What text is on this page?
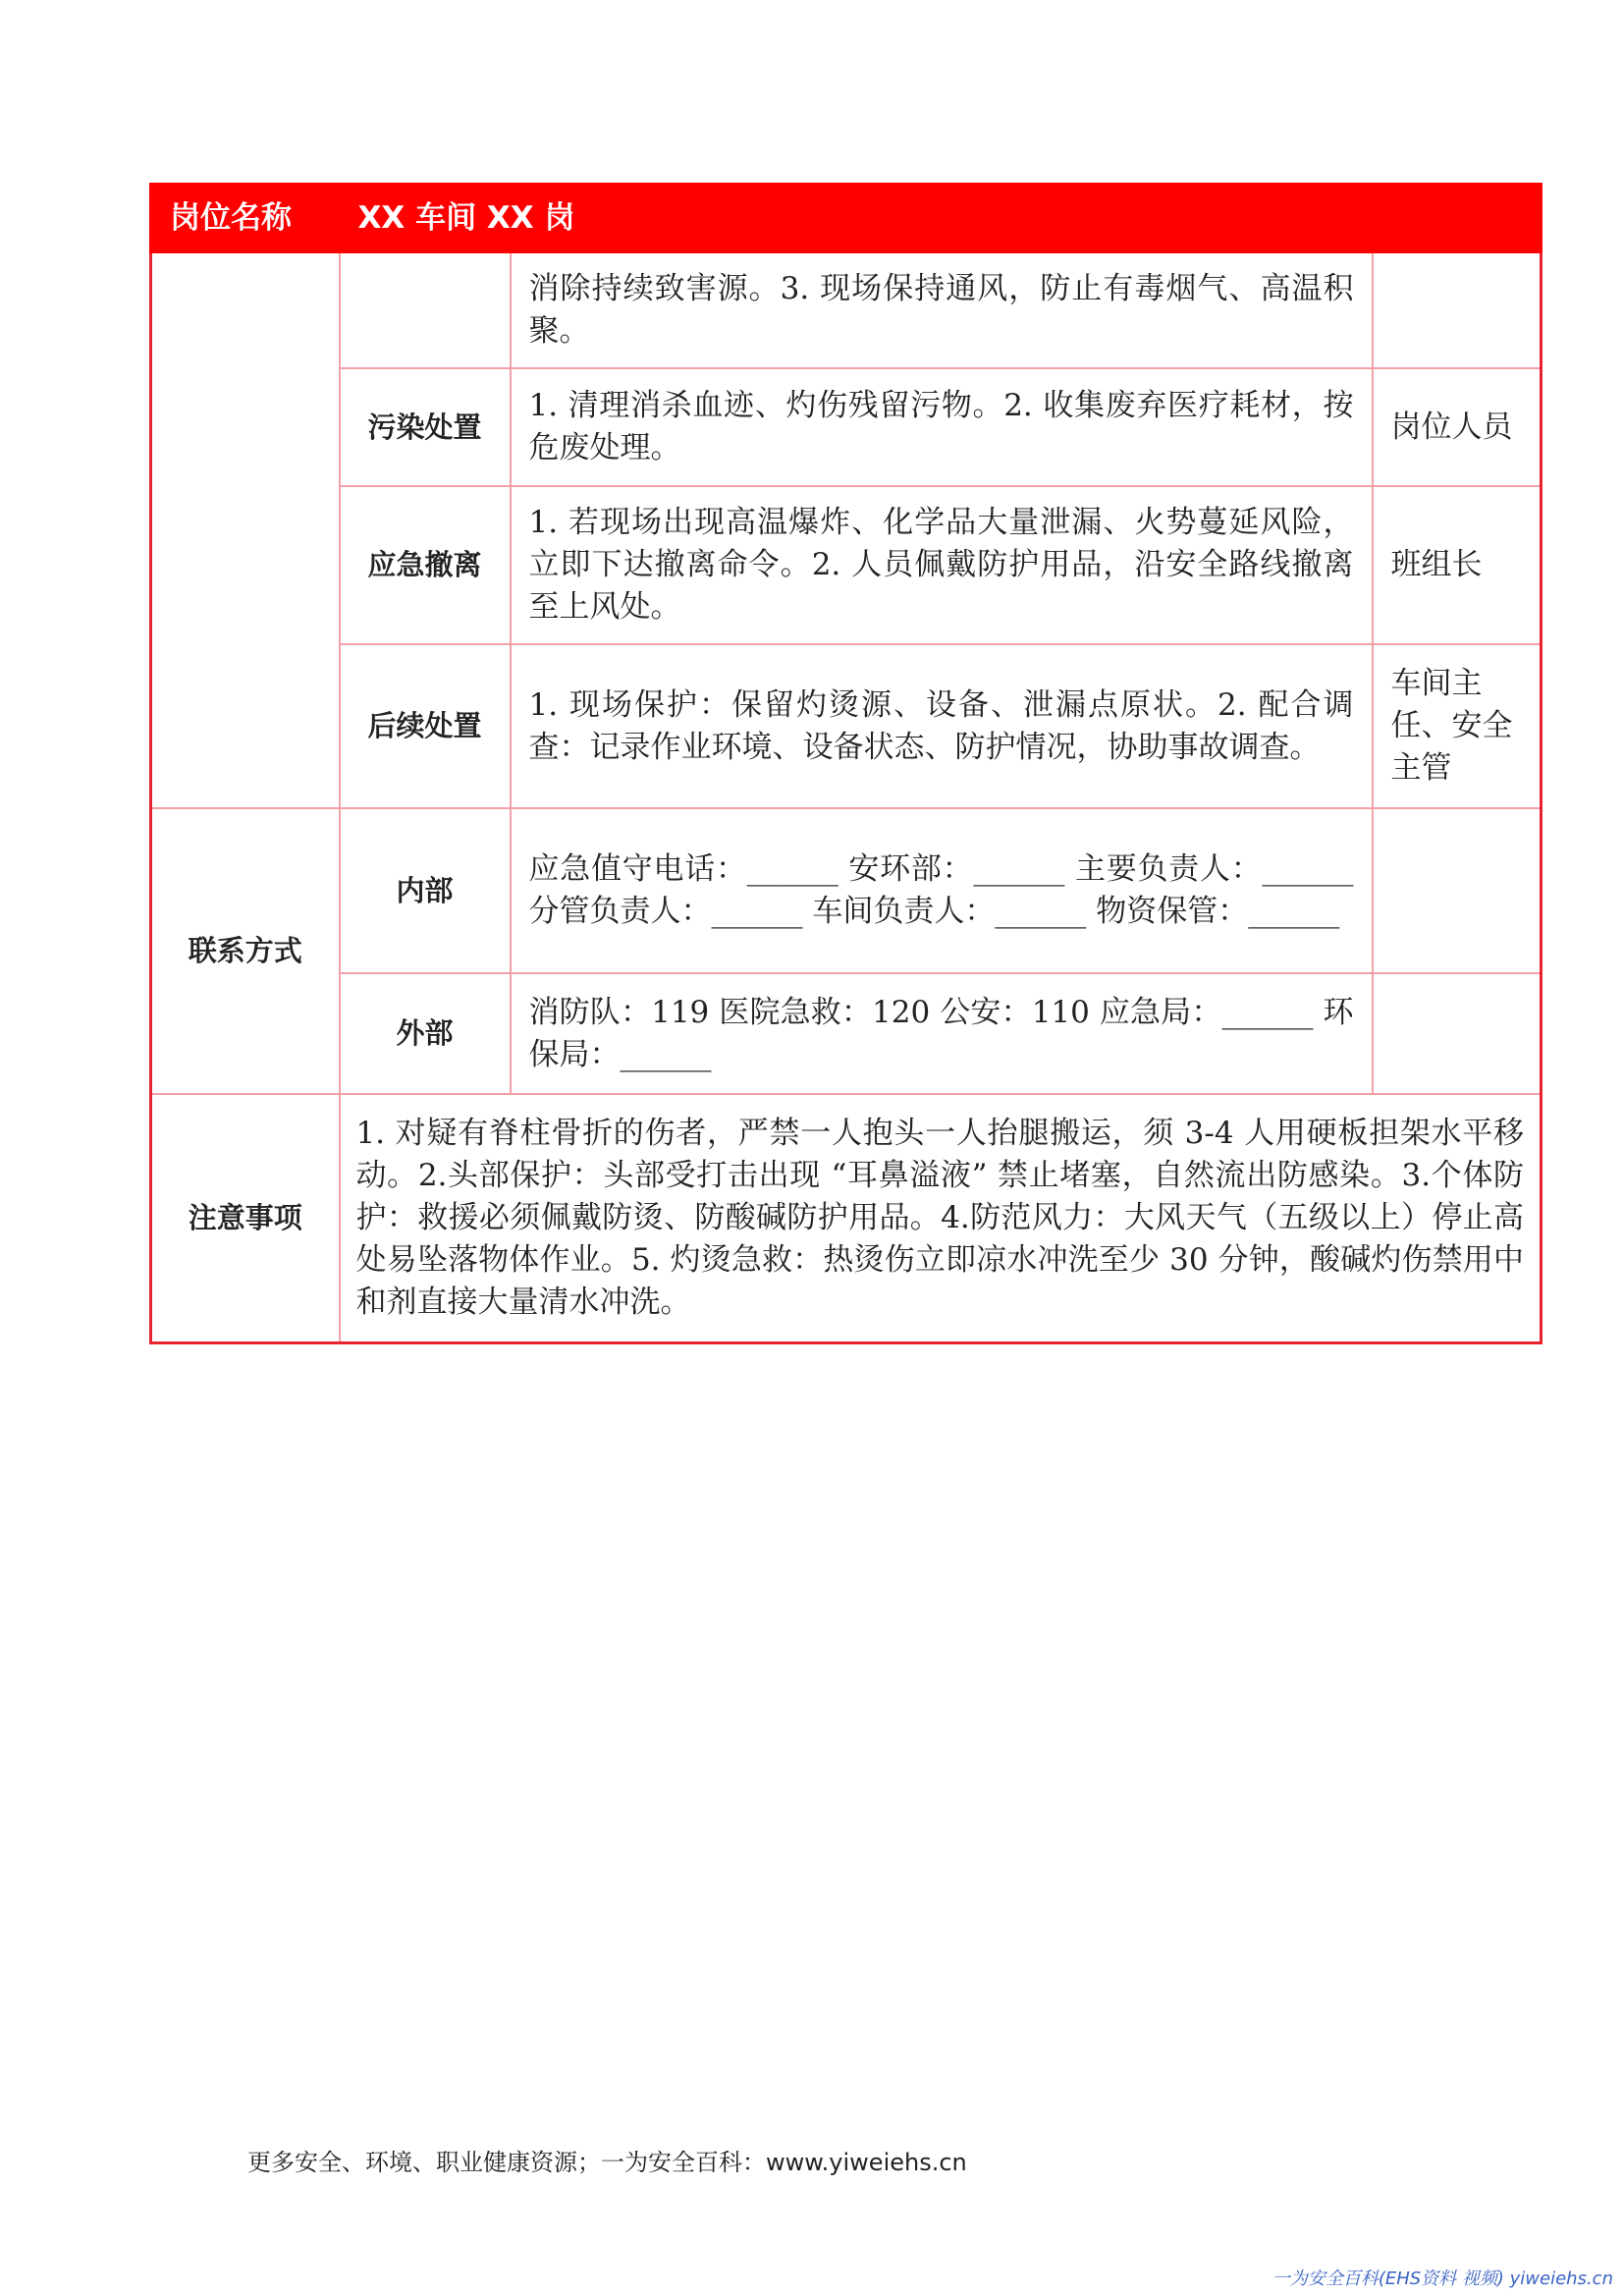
岗位名称	XX 车间 XX 岗		
		消除持续致害源。3. 现场保持通风，防止有毒烟气、高温积聚。	
	污染处置	1. 清理消杀血迹、灼伤残留污物。2. 收集废弃医疗耗材，按危废处理。	岗位人员
	应急撤离	1. 若现场出现高温爆炸、化学品大量泄漏、火势蔓延风险，立即下达撤离命令。2. 人员佩戴防护用品，沿安全路线撤离至上风处。	班组长
	后续处置	1. 现场保护：保留灼烫源、设备、泄漏点原状。2. 配合调查：记录作业环境、设备状态、防护情况，协助事故调查。	车间主任、安全主管
联系方式	内部	应急值守电话：______ 安环部：______ 主要负责人：______ 分管负责人：______ 车间负责人：______ 物资保管：______	
	外部	消防队：119 医院急救：120 公安：110 应急局：______ 环保局：______	
注意事项	1. 对疑有脊柱骨折的伤者，严禁一人抱头一人抬腿搬运，须 3-4 人用硬板担架水平移动。2.头部保护：头部受打击出现 “耳鼻溢液” 禁止堵塞，自然流出防感染。3.个体防护：救援必须佩戴防烫、防酸碱防护用品。4.防范风力：大风天气（五级以上）停止高处易坠落物体作业。5. 灼烫急救：热烫伤立即凉水冲洗至少 30 分钟，酸碱灼伤禁用中和剂直接大量清水冲洗。		
更多安全、环境、职业健康资源；一为安全百科：www.yiweiehs.cn
一为安全百科(EHS资料 视频) yiweiehs.cn
